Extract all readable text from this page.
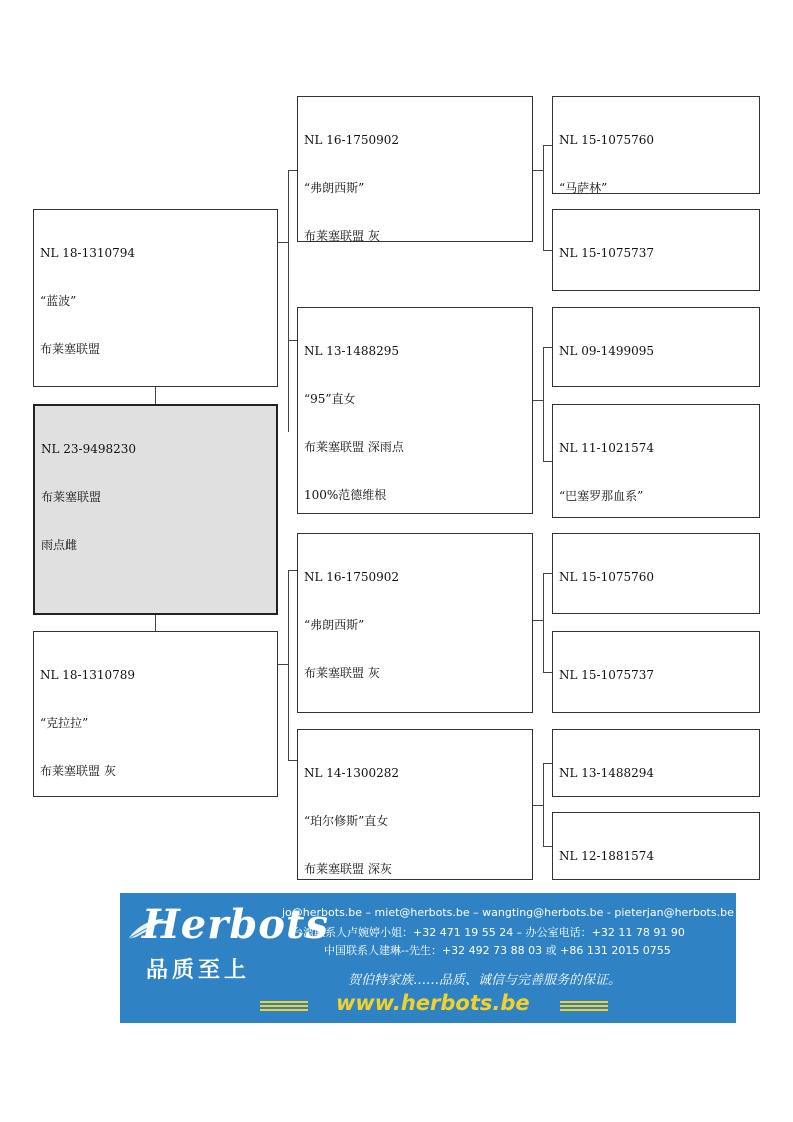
NL 18-1310794

“蓝波”

布莱塞联盟

NL 23-9498230

布莱塞联盟

雨点雌

NL 18-1310789

“克拉拉”

布莱塞联盟 灰

NL 16-1750902

“弗朗西斯”

布莱塞联盟 灰

NL 13-1488295

“95”直女

布莱塞联盟 深雨点

100%范德维根

NL 16-1750902

“弗朗西斯”

布莱塞联盟 灰

NL 14-1300282

“珀尔修斯”直女

布莱塞联盟 深灰

NL 15-1075760

“马萨林”

NL 15-1075737

NL 09-1499095

NL 11-1021574

“巴塞罗那血系”

NL 15-1075760

NL 15-1075737

NL 13-1488294

NL 12-1881574

Herbots
品质至上
jo@herbots.be – miet@herbots.be – wangting@herbots.be - pieterjan@herbots.be
台湾联系人卢婉婷小姐：+32 471 19 55 24 – 办公室电话：+32 11 78 91 90
中国联系人建琳-‐先生：+32 492 73 88 03 或 +86 131 2015 0755
贺伯特家族……品质、诚信与完善服务的保证。
www.herbots.be
